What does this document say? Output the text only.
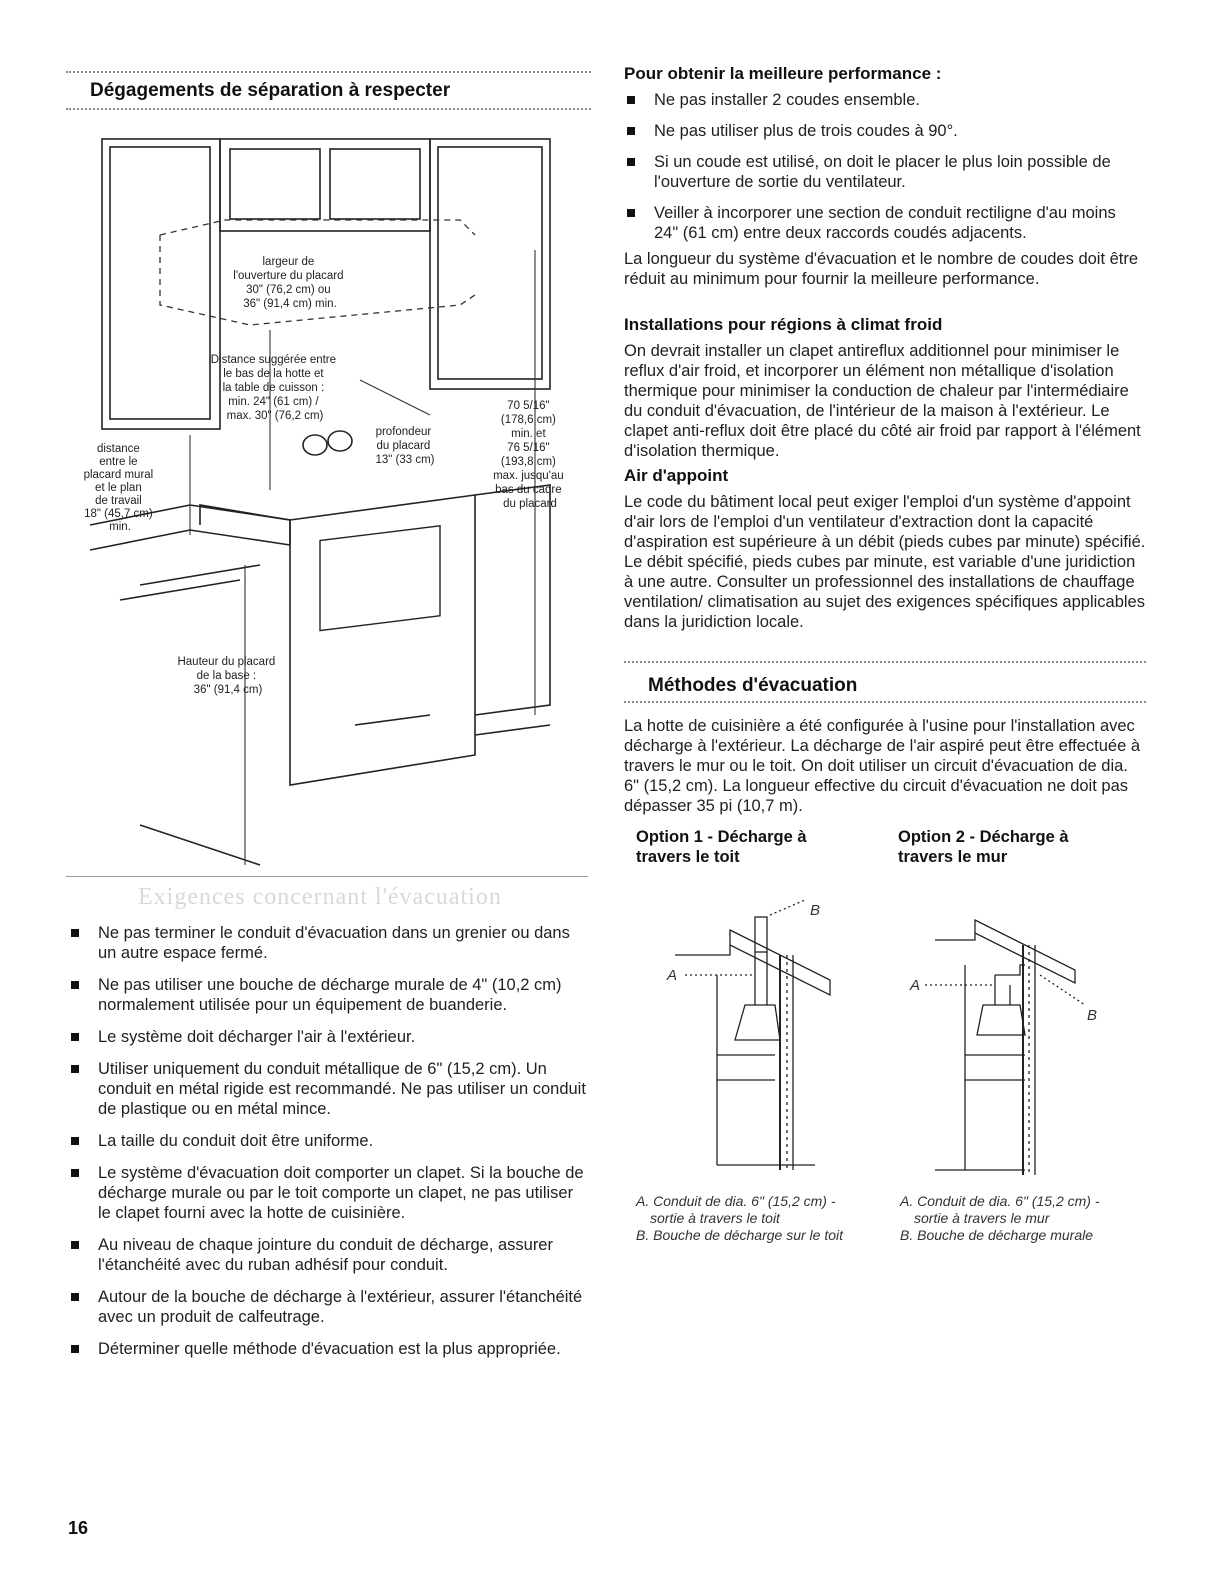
Dégagements de séparation à respecter
largeur de l'ouverture du placard 30" (76,2 cm) ou 36" (91,4 cm) min.
Distance suggérée entre le bas de la hotte et la table de cuisson : min. 24" (61 cm) / max. 30" (76,2 cm)
profondeur du placard 13" (33 cm)
70 5/16" (178,6 cm) min. et 76 5/16" (193,8 cm) max. jusqu'au bas du cadre du placard
distance entre le placard mural et le plan de travail 18" (45,7 cm) min.
Hauteur du placard de la base : 36" (91,4 cm)
Exigences concernant l'évacuation
Ne pas terminer le conduit d'évacuation dans un grenier ou dans un autre espace fermé.
Ne pas utiliser une bouche de décharge murale de 4" (10,2 cm) normalement utilisée pour un équipement de buanderie.
Le système doit décharger l'air à l'extérieur.
Utiliser uniquement du conduit métallique de 6" (15,2 cm). Un conduit en métal rigide est recommandé. Ne pas utiliser un conduit de plastique ou en métal mince.
La taille du conduit doit être uniforme.
Le système d'évacuation doit comporter un clapet. Si la bouche de décharge murale ou par le toit comporte un clapet, ne pas utiliser le clapet fourni avec la hotte de cuisinière.
Au niveau de chaque jointure du conduit de décharge, assurer l'étanchéité avec du ruban adhésif pour conduit.
Autour de la bouche de décharge à l'extérieur, assurer l'étanchéité avec un produit de calfeutrage.
Déterminer quelle méthode d'évacuation est la plus appropriée.
16
Pour obtenir la meilleure performance :
Ne pas installer 2 coudes ensemble.
Ne pas utiliser plus de trois coudes à 90°.
Si un coude est utilisé, on doit le placer le plus loin possible de l'ouverture de sortie du ventilateur.
Veiller à incorporer une section de conduit rectiligne d'au moins 24" (61 cm) entre deux raccords coudés adjacents.

La longueur du système d'évacuation et le nombre de coudes doit être réduit au minimum pour fournir la meilleure performance.

Installations pour régions à climat froid

On devrait installer un clapet antireflux additionnel pour minimiser le reflux d'air froid, et incorporer un élément non métallique d'isolation thermique pour minimiser la conduction de chaleur par l'intermédiaire du conduit d'évacuation, de l'intérieur de la maison à l'extérieur. Le clapet anti-reflux doit être placé du côté air froid par rapport à l'élément d'isolation thermique.

Air d'appoint

Le code du bâtiment local peut exiger l'emploi d'un système d'appoint d'air lors de l'emploi d'un ventilateur d'extraction dont la capacité d'aspiration est supérieure à un débit (pieds cubes par minute) spécifié. Le débit spécifié, pieds cubes par minute, est variable d'une juridiction à une autre. Consulter un professionnel des installations de chauffage ventilation/ climatisation au sujet des exigences spécifiques applicables dans la juridiction locale.

Méthodes d'évacuation

La hotte de cuisinière a été configurée à l'usine pour l'installation avec décharge à l'extérieur. La décharge de l'air aspiré peut être effectuée à travers le mur ou le toit. On doit utiliser un circuit d'évacuation de dia. 6" (15,2 cm). La longueur effective du circuit d'évacuation ne doit pas dépasser 35 pi (10,7 m).

Option 1 - Décharge à
travers le toit
Option 2 - Décharge à
travers le mur
A
B
A
B
A. Conduit de dia. 6" (15,2 cm) -
sortie à travers le toit
B. Bouche de décharge sur le toit
A. Conduit de dia. 6" (15,2 cm) -
sortie à travers le mur
B. Bouche de décharge murale
